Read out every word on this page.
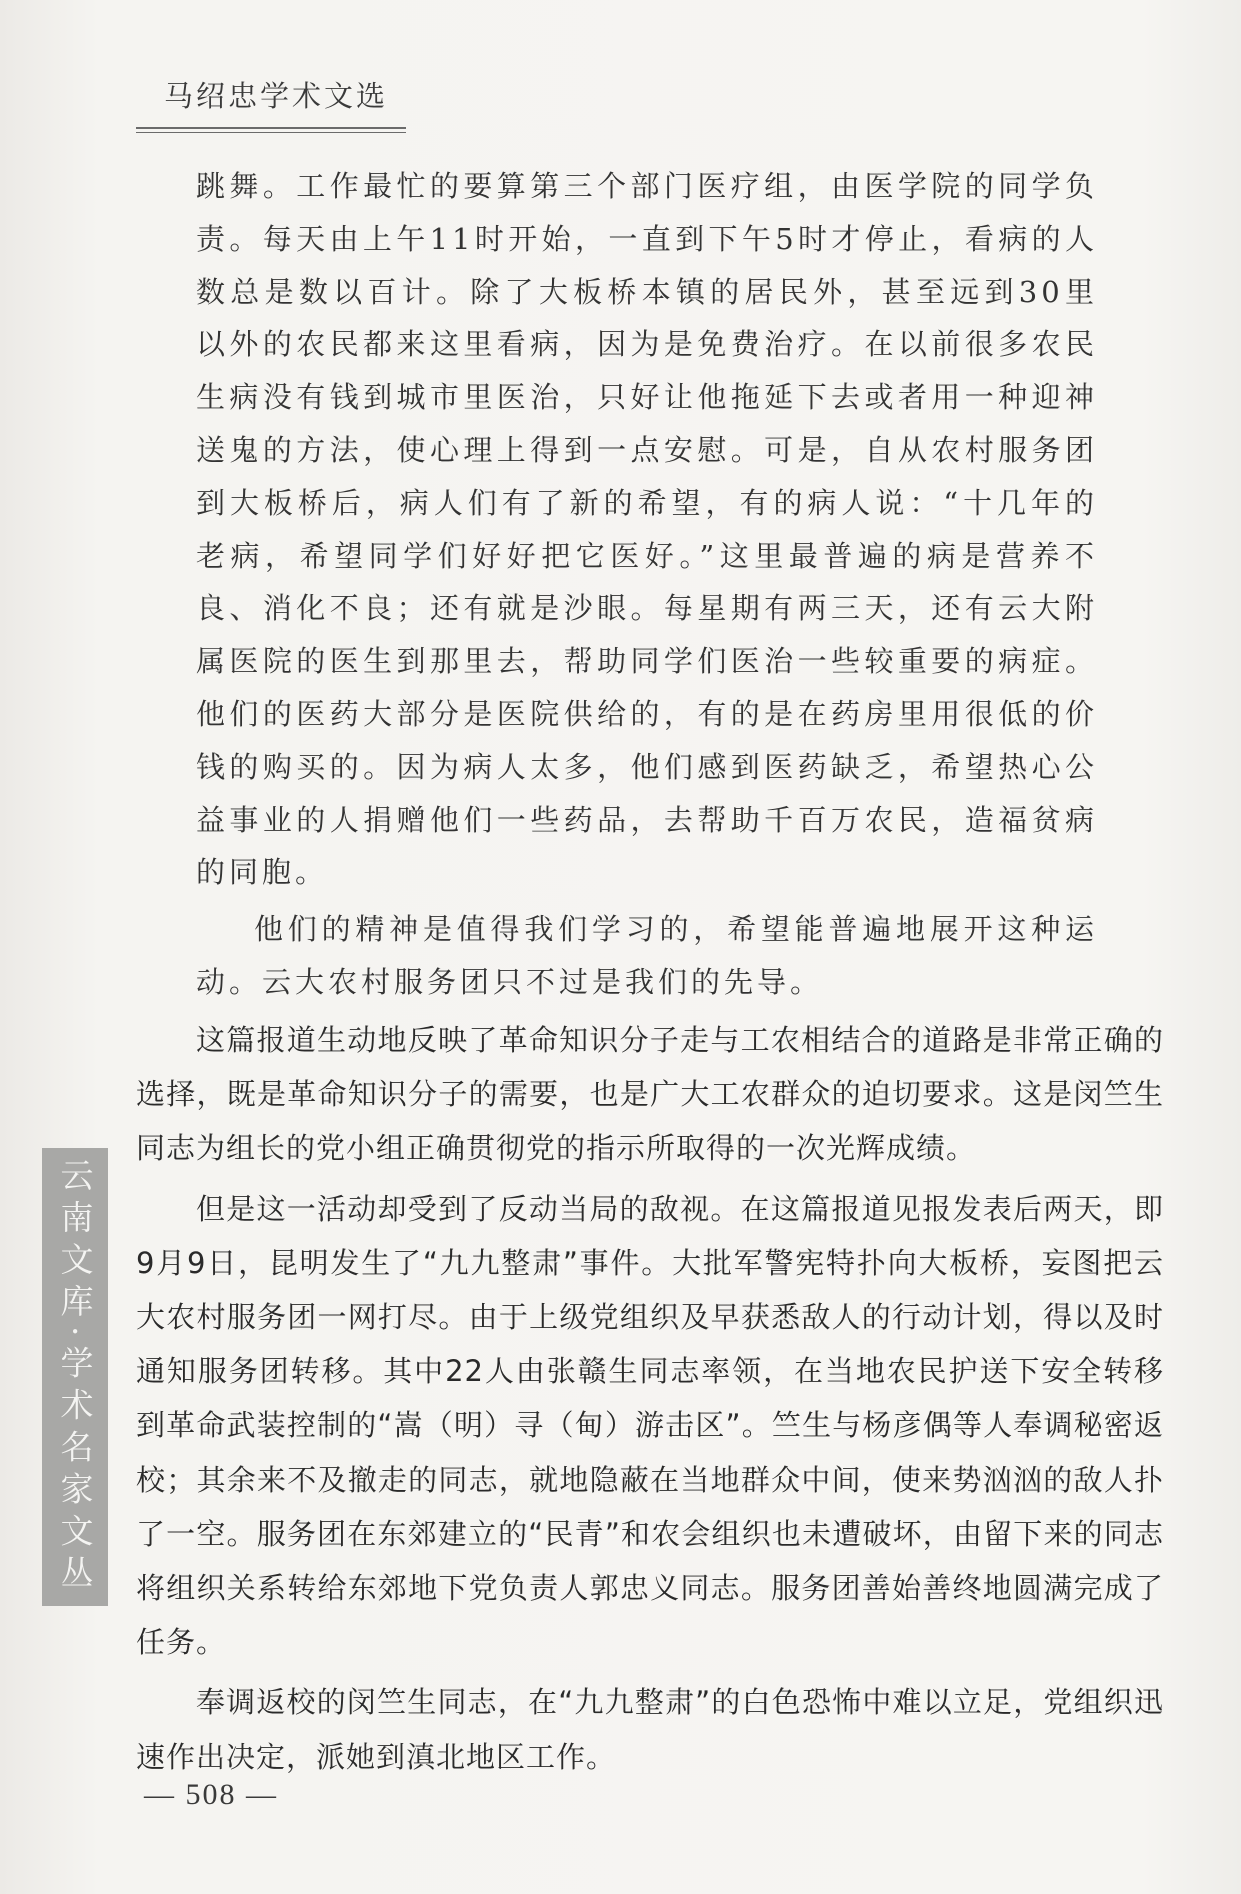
马绍忠学术文选

跳舞。工作最忙的要算第三个部门医疗组，由医学院的同学负责。每天由上午11时开始，一直到下午5时才停止，看病的人数总是数以百计。除了大板桥本镇的居民外，甚至远到30里以外的农民都来这里看病，因为是免费治疗。在以前很多农民生病没有钱到城市里医治，只好让他拖延下去或者用一种迎神送鬼的方法，使心理上得到一点安慰。可是，自从农村服务团到大板桥后，病人们有了新的希望，有的病人说：“十几年的老病，希望同学们好好把它医好。”这里最普遍的病是营养不良、消化不良；还有就是沙眼。每星期有两三天，还有云大附属医院的医生到那里去，帮助同学们医治一些较重要的病症。他们的医药大部分是医院供给的，有的是在药房里用很低的价钱的购买的。因为病人太多，他们感到医药缺乏，希望热心公益事业的人捐赠他们一些药品，去帮助千百万农民，造福贫病的同胞。

他们的精神是值得我们学习的，希望能普遍地展开这种运动。云大农村服务团只不过是我们的先导。

这篇报道生动地反映了革命知识分子走与工农相结合的道路是非常正确的选择，既是革命知识分子的需要，也是广大工农群众的迫切要求。这是闵竺生同志为组长的党小组正确贯彻党的指示所取得的一次光辉成绩。

但是这一活动却受到了反动当局的敌视。在这篇报道见报发表后两天，即9月9日，昆明发生了“九九整肃”事件。大批军警宪特扑向大板桥，妄图把云大农村服务团一网打尽。由于上级党组织及早获悉敌人的行动计划，得以及时通知服务团转移。其中22人由张赣生同志率领，在当地农民护送下安全转移到革命武装控制的“嵩（明）寻（甸）游击区”。竺生与杨彦偶等人奉调秘密返校；其余来不及撤走的同志，就地隐蔽在当地群众中间，使来势汹汹的敌人扑了一空。服务团在东郊建立的“民青”和农会组织也未遭破坏，由留下来的同志将组织关系转给东郊地下党负责人郭忠义同志。服务团善始善终地圆满完成了任务。

奉调返校的闵竺生同志，在“九九整肃”的白色恐怖中难以立足，党组织迅速作出决定，派她到滇北地区工作。

云南文库·学术名家文丛
— 508 —
